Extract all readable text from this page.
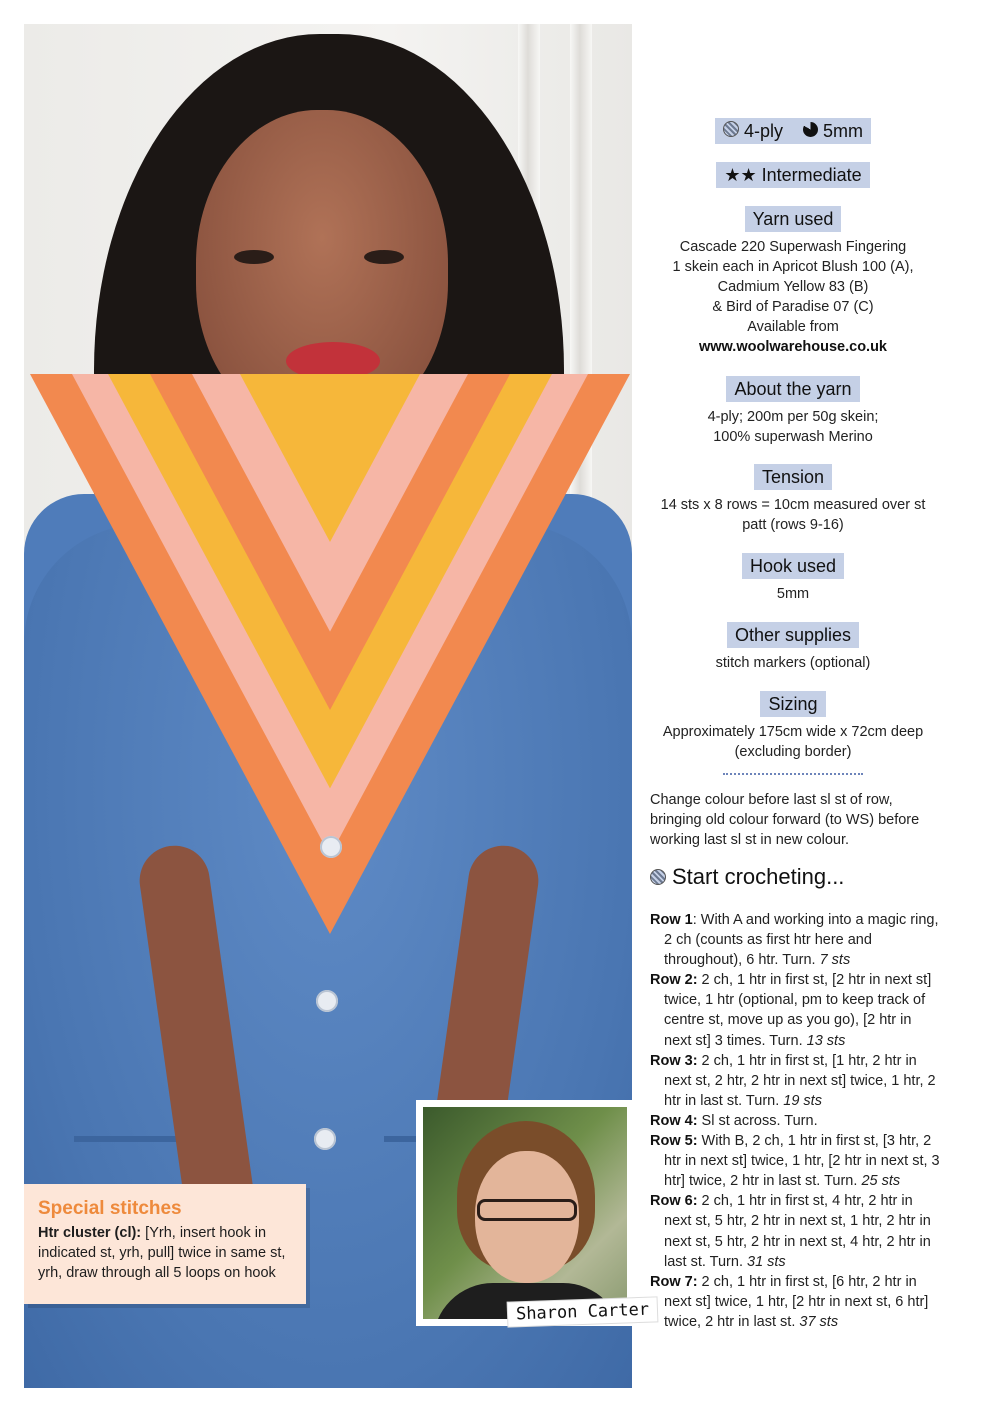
Special stitches
Htr cluster (cl): [Yrh, insert hook in indicated st, yrh, pull] twice in same st, yrh, draw through all 5 loops on hook
Sharon Carter
4-ply 5mm
★★ Intermediate
Yarn used
Cascade 220 Superwash Fingering
1 skein each in Apricot Blush 100 (A),
Cadmium Yellow 83 (B)
& Bird of Paradise 07 (C)
Available from
www.woolwarehouse.co.uk
About the yarn
4-ply; 200m per 50g skein;
100% superwash Merino
Tension
14 sts x 8 rows = 10cm measured over st
patt (rows 9-16)
Hook used
5mm
Other supplies
stitch markers (optional)
Sizing
Approximately 175cm wide x 72cm deep
(excluding border)
Change colour before last sl st of row, bringing old colour forward (to WS) before working last sl st in new colour.
Start crocheting...
Row 1: With A and working into a magic ring, 2 ch (counts as first htr here and throughout), 6 htr. Turn. 7 sts
Row 2: 2 ch, 1 htr in first st, [2 htr in next st] twice, 1 htr (optional, pm to keep track of centre st, move up as you go), [2 htr in next st] 3 times. Turn. 13 sts
Row 3: 2 ch, 1 htr in first st, [1 htr, 2 htr in next st, 2 htr, 2 htr in next st] twice, 1 htr, 2 htr in last st. Turn. 19 sts
Row 4: Sl st across. Turn.
Row 5: With B, 2 ch, 1 htr in first st, [3 htr, 2 htr in next st] twice, 1 htr, [2 htr in next st, 3 htr] twice, 2 htr in last st. Turn. 25 sts
Row 6: 2 ch, 1 htr in first st, 4 htr, 2 htr in next st, 5 htr, 2 htr in next st, 1 htr, 2 htr in next st, 5 htr, 2 htr in next st, 4 htr, 2 htr in last st. Turn. 31 sts
Row 7: 2 ch, 1 htr in first st, [6 htr, 2 htr in next st] twice, 1 htr, [2 htr in next st, 6 htr] twice, 2 htr in last st. 37 sts
